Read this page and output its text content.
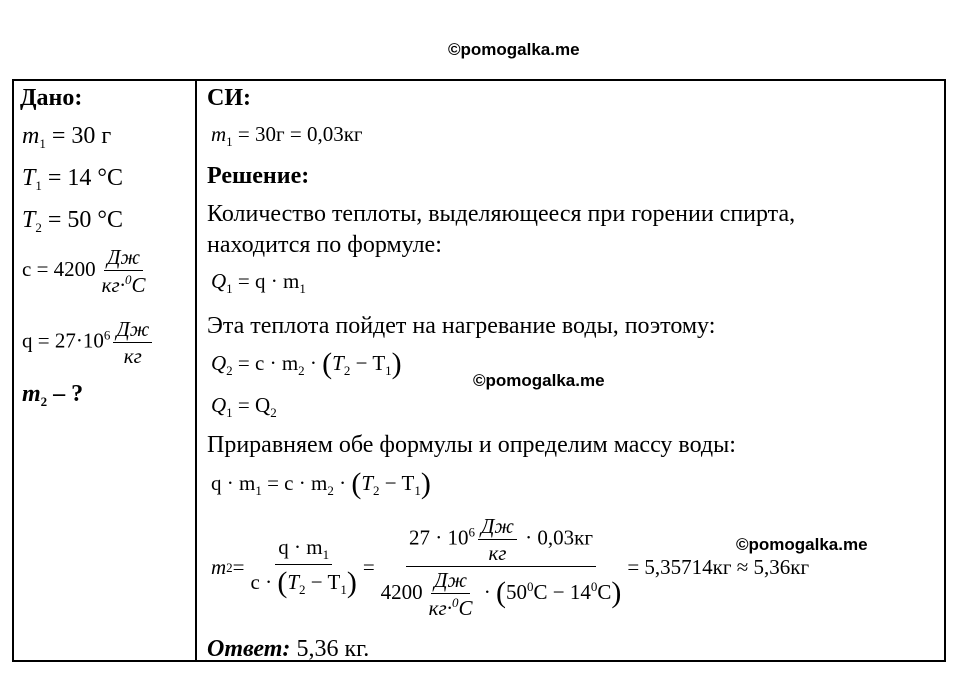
©pomogalka.me
©pomogalka.me
©pomogalka.me
Дано:
$m_1 = 30$ г
$T_1 = 14$ °C
$T_2 = 50$ °C
$c = 4200 \frac{Дж}{кг\cdot^0C}$
$q = 27\cdot 10^6 \frac{Дж}{кг}$
$m_2$ – ?
СИ:
$m_1 = 30г = 0,03кг$
Решение:
Количество теплоты, выделяющееся при горении спирта,
находится по формуле:
$Q_1 = q \cdot m_1$
Эта теплота пойдет на нагревание воды, поэтому:
$Q_2 = c \cdot m_2 \cdot (T_2 - T_1)$
$Q_1 = Q_2$
Приравняем обе формулы и определим массу воды:
$q \cdot m_1 = c \cdot m_2 \cdot (T_2 - T_1)$
m $2 = \frac{q \cdot m_1}{c \cdot (T_2 - T_1)} = \frac{27 \cdot 10^6 \frac{Дж}{кг} \cdot 0,03кг}{4200 \frac{Дж}{кг\cdot^0C} \cdot (50^0C - 14^0C)} = 5,35714кг \approx 5,36кг$
Ответ: 5,36 кг.
